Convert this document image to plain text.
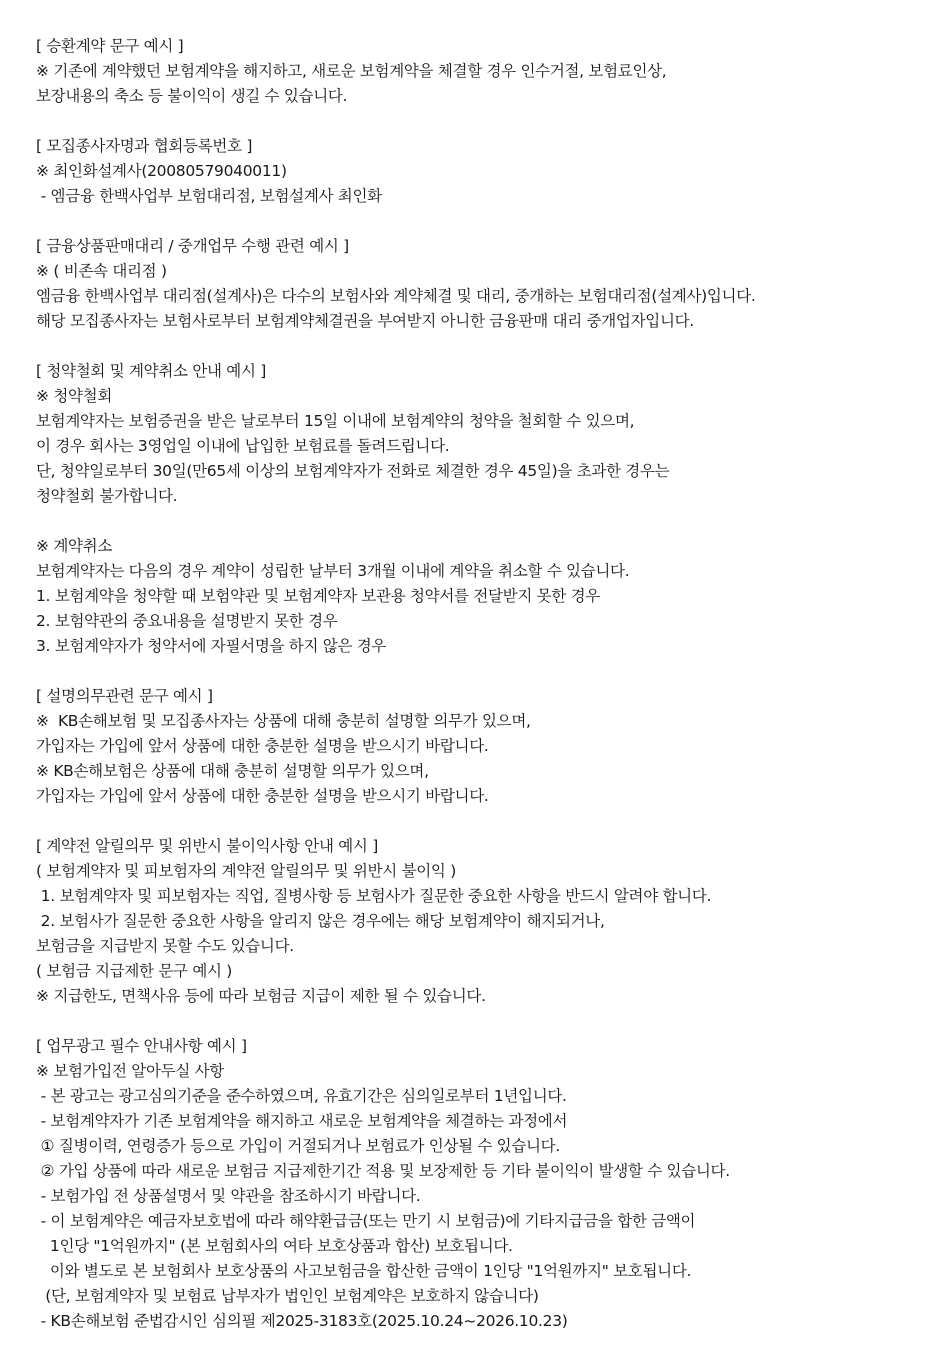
[ 승환계약 문구 예시 ]
※ 기존에 계약했던 보험계약을 해지하고, 새로운 보험계약을 체결할 경우 인수거절, 보험료인상,
보장내용의 축소 등 불이익이 생길 수 있습니다.
[ 모집종사자명과 협회등록번호 ]
※ 최인화설계사(20080579040011)
- 엠금융 한백사업부 보험대리점, 보험설계사 최인화
[ 금융상품판매대리 / 중개업무 수행 관련 예시 ]
※ ( 비존속 대리점 )
엠금융 한백사업부 대리점(설계사)은 다수의 보험사와 계약체결 및 대리, 중개하는 보험대리점(설계사)입니다.
해당 모집종사자는 보험사로부터 보험계약체결권을 부여받지 아니한 금융판매 대리 중개업자입니다.
[ 청약철회 및 계약취소 안내 예시 ]
※ 청약철회
보험계약자는 보험증권을 받은 날로부터 15일 이내에 보험계약의 청약을 철회할 수 있으며,
이 경우 회사는 3영업일 이내에 납입한 보험료를 돌려드립니다.
단, 청약일로부터 30일(만65세 이상의 보험계약자가 전화로 체결한 경우 45일)을 초과한 경우는
청약철회 불가합니다.
※ 계약취소
보험계약자는 다음의 경우 계약이 성립한 날부터 3개월 이내에 계약을 취소할 수 있습니다.
1. 보험계약을 청약할 때 보험약관 및 보험계약자 보관용 청약서를 전달받지 못한 경우
2. 보험약관의 중요내용을 설명받지 못한 경우
3. 보험계약자가 청약서에 자필서명을 하지 않은 경우
[ 설명의무관련 문구 예시 ]
※  KB손해보험 및 모집종사자는 상품에 대해 충분히 설명할 의무가 있으며,
가입자는 가입에 앞서 상품에 대한 충분한 설명을 받으시기 바랍니다.
※ KB손해보험은 상품에 대해 충분히 설명할 의무가 있으며,
가입자는 가입에 앞서 상품에 대한 충분한 설명을 받으시기 바랍니다.
[ 계약전 알릴의무 및 위반시 불이익사항 안내 예시 ]
( 보험계약자 및 피보험자의 계약전 알릴의무 및 위반시 불이익 )
1. 보험계약자 및 피보험자는 직업, 질병사항 등 보험사가 질문한 중요한 사항을 반드시 알려야 합니다.
2. 보험사가 질문한 중요한 사항을 알리지 않은 경우에는 해당 보험계약이 해지되거나,
보험금을 지급받지 못할 수도 있습니다.
( 보험금 지급제한 문구 예시 )
※ 지급한도, 면책사유 등에 따라 보험금 지급이 제한 될 수 있습니다.
[ 업무광고 필수 안내사항 예시 ]
※ 보험가입전 알아두실 사항
- 본 광고는 광고심의기준을 준수하였으며, 유효기간은 심의일로부터 1년입니다.
- 보험계약자가 기존 보험계약을 해지하고 새로운 보험계약을 체결하는 과정에서
① 질병이력, 연령증가 등으로 가입이 거절되거나 보험료가 인상될 수 있습니다.
② 가입 상품에 따라 새로운 보험금 지급제한기간 적용 및 보장제한 등 기타 불이익이 발생할 수 있습니다.
- 보험가입 전 상품설명서 및 약관을 참조하시기 바랍니다.
- 이 보험계약은 예금자보호법에 따라 해약환급금(또는 만기 시 보험금)에 기타지급금을 합한 금액이
1인당 "1억원까지" (본 보험회사의 여타 보호상품과 합산) 보호됩니다.
이와 별도로 본 보험회사 보호상품의 사고보험금을 합산한 금액이 1인당 "1억원까지" 보호됩니다.
(단, 보험계약자 및 보험료 납부자가 법인인 보험계약은 보호하지 않습니다)
- KB손해보험 준법감시인 심의필 제2025-3183호(2025.10.24~2026.10.23)
